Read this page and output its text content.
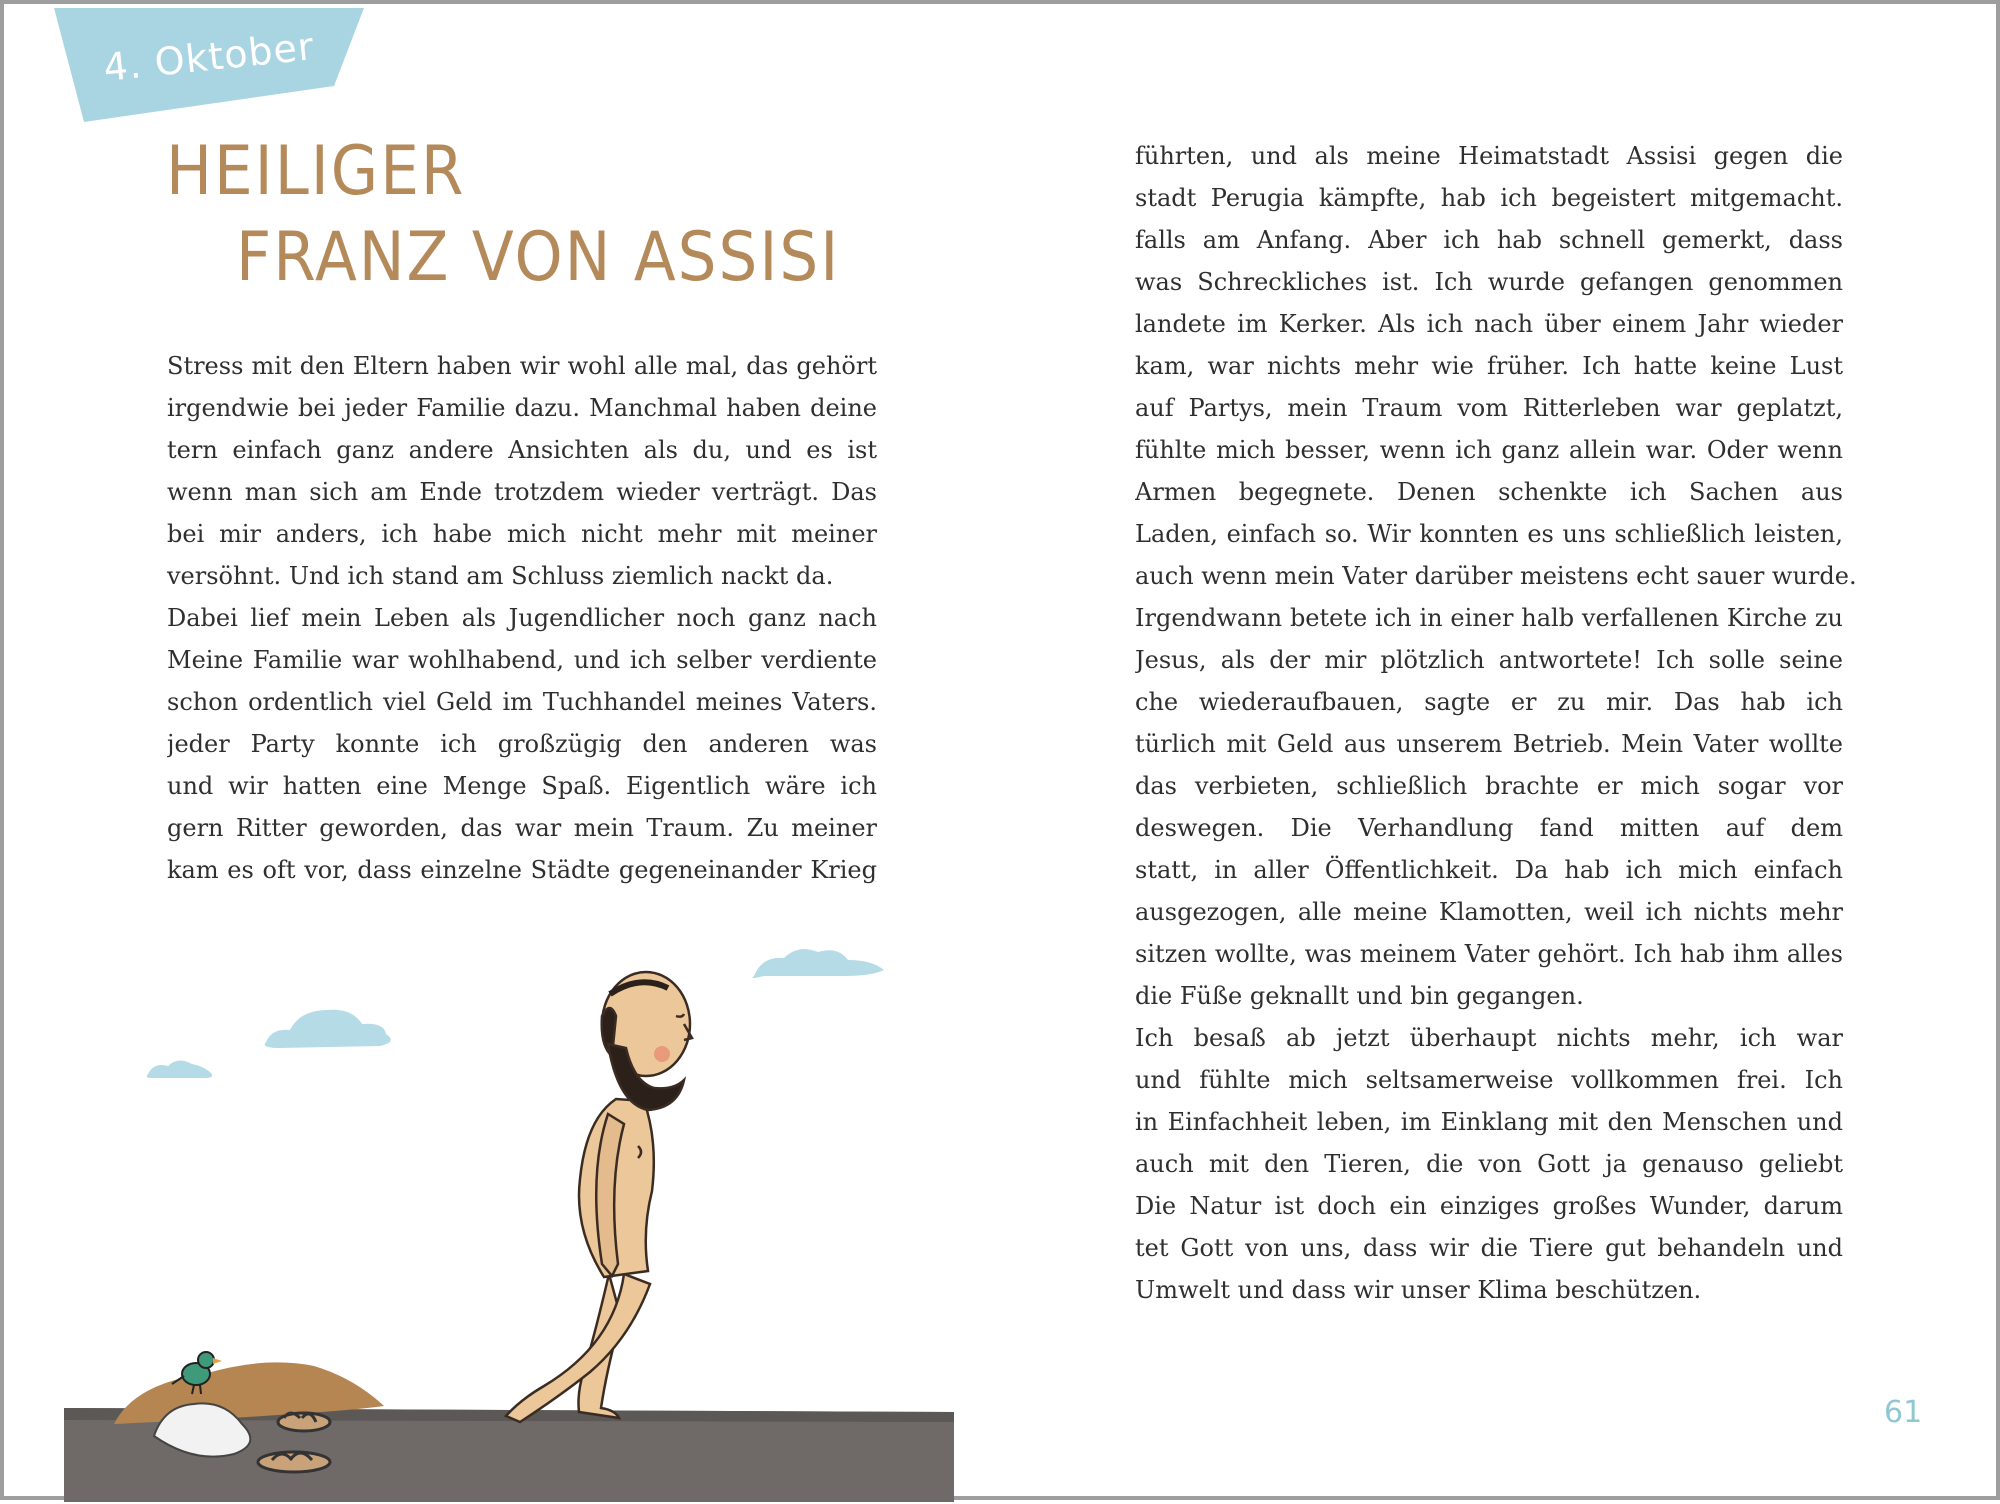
4. Oktober
HEILIGER
FRANZ VON ASSISI
Stress mit den Eltern haben wir wohl alle mal, das gehört
irgendwie bei jeder Familie dazu. Manchmal haben deine
tern einfach ganz andere Ansichten als du, und es ist
wenn man sich am Ende trotzdem wieder verträgt. Das
bei mir anders, ich habe mich nicht mehr mit meiner
versöhnt. Und ich stand am Schluss ziemlich nackt da.
Dabei lief mein Leben als Jugendlicher noch ganz nach
Meine Familie war wohlhabend, und ich selber verdiente
schon ordentlich viel Geld im Tuchhandel meines Vaters.
jeder Party konnte ich großzügig den anderen was
und wir hatten eine Menge Spaß. Eigentlich wäre ich
gern Ritter geworden, das war mein Traum. Zu meiner
kam es oft vor, dass einzelne Städte gegeneinander Krieg
führten, und als meine Heimatstadt Assisi gegen die
stadt Perugia kämpfte, hab ich begeistert mitgemacht.
falls am Anfang. Aber ich hab schnell gemerkt, dass
was Schreckliches ist. Ich wurde gefangen genommen
landete im Kerker. Als ich nach über einem Jahr wieder
kam, war nichts mehr wie früher. Ich hatte keine Lust
auf Partys, mein Traum vom Ritterleben war geplatzt,
fühlte mich besser, wenn ich ganz allein war. Oder wenn
Armen begegnete. Denen schenkte ich Sachen aus
Laden, einfach so. Wir konnten es uns schließlich leisten,
auch wenn mein Vater darüber meistens echt sauer wurde.
Irgendwann betete ich in einer halb verfallenen Kirche zu
Jesus, als der mir plötzlich antwortete! Ich solle seine
che wiederaufbauen, sagte er zu mir. Das hab ich
türlich mit Geld aus unserem Betrieb. Mein Vater wollte
das verbieten, schließlich brachte er mich sogar vor
deswegen. Die Verhandlung fand mitten auf dem
statt, in aller Öffentlichkeit. Da hab ich mich einfach
ausgezogen, alle meine Klamotten, weil ich nichts mehr
sitzen wollte, was meinem Vater gehört. Ich hab ihm alles
die Füße geknallt und bin gegangen.
Ich besaß ab jetzt überhaupt nichts mehr, ich war
und fühlte mich seltsamerweise vollkommen frei. Ich
in Einfachheit leben, im Einklang mit den Menschen und
auch mit den Tieren, die von Gott ja genauso geliebt
Die Natur ist doch ein einziges großes Wunder, darum
tet Gott von uns, dass wir die Tiere gut behandeln und
Umwelt und dass wir unser Klima beschützen.
61
